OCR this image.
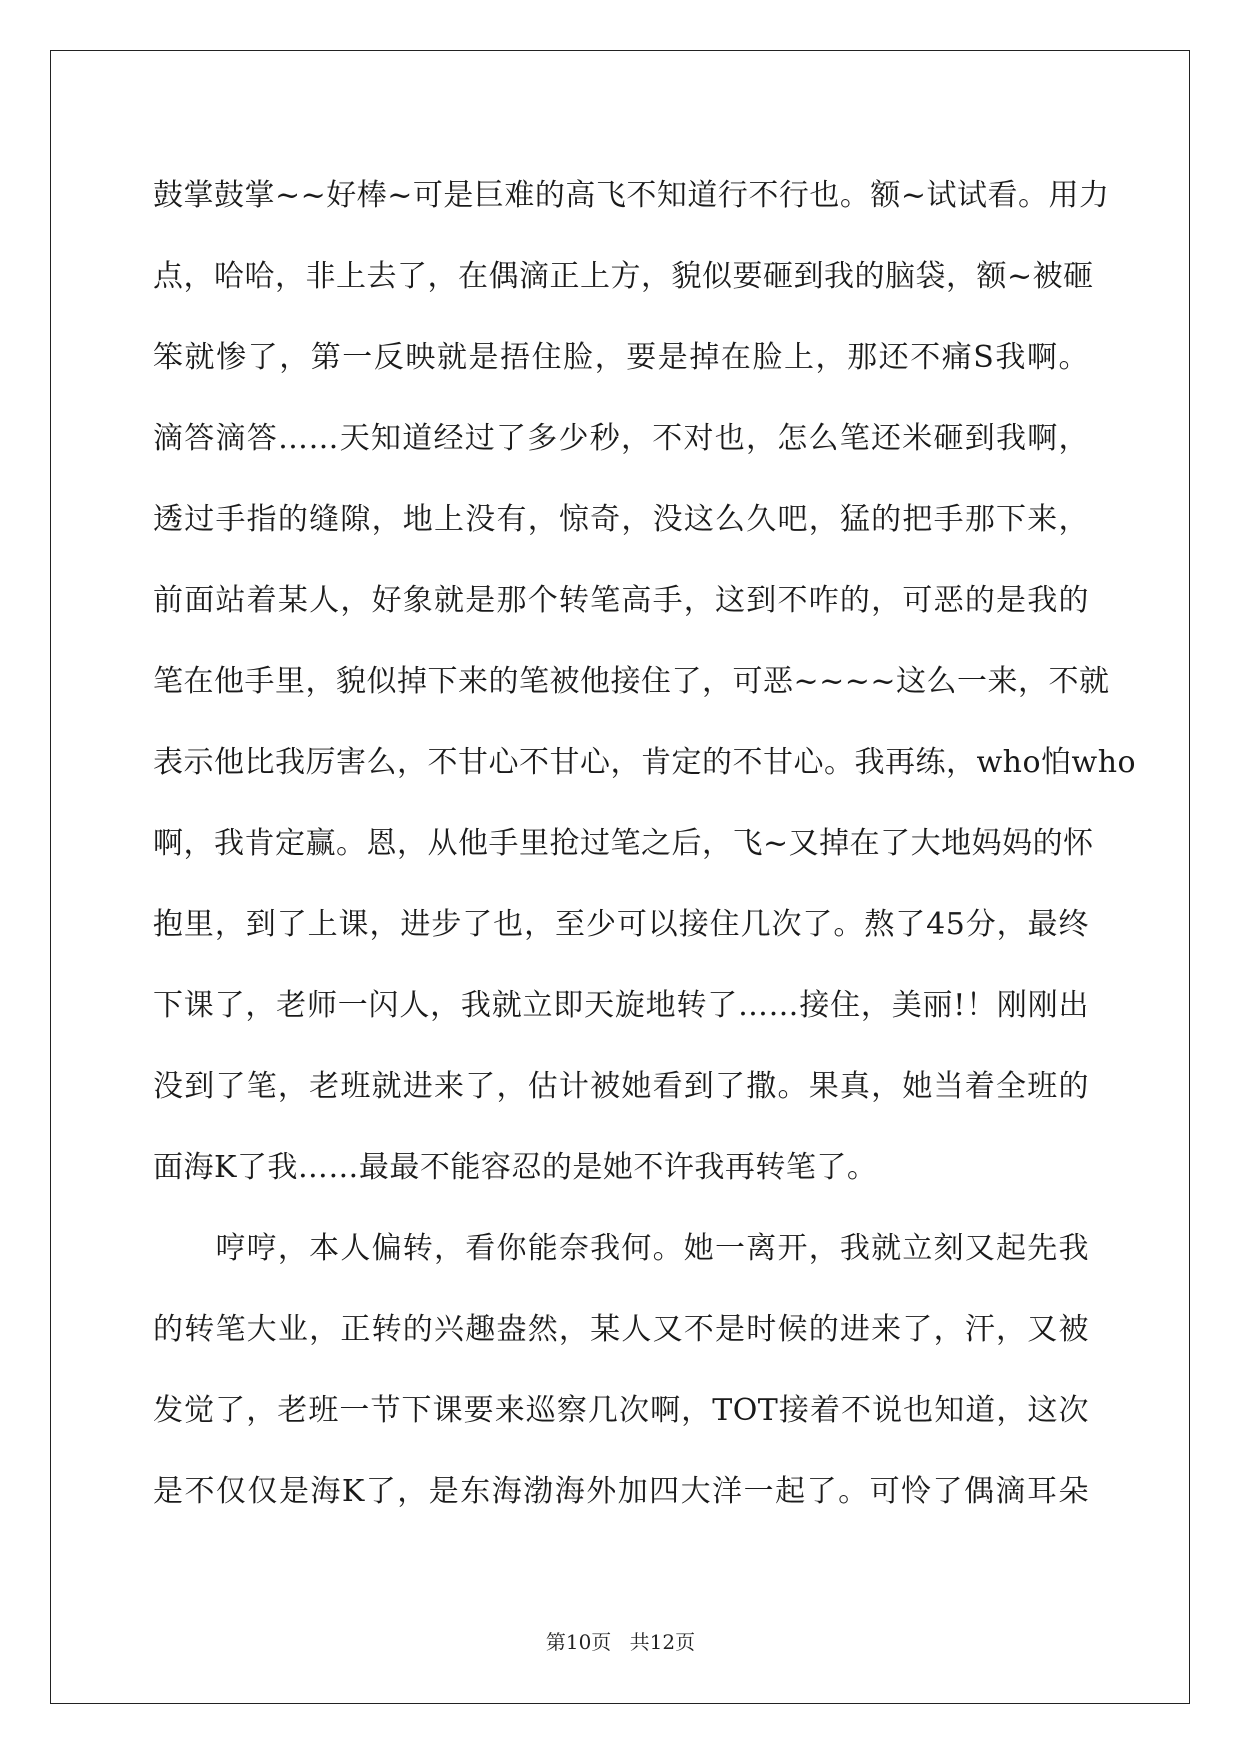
鼓掌鼓掌~~好棒~可是巨难的高飞不知道行不行也。额~试试看。用力
点，哈哈，非上去了，在偶滴正上方，貌似要砸到我的脑袋，额~被砸
笨就惨了，第一反映就是捂住脸，要是掉在脸上，那还不痛S我啊。
滴答滴答……天知道经过了多少秒，不对也，怎么笔还米砸到我啊，
透过手指的缝隙，地上没有，惊奇，没这么久吧，猛的把手那下来，
前面站着某人，好象就是那个转笔高手，这到不咋的，可恶的是我的
笔在他手里，貌似掉下来的笔被他接住了，可恶~~~~这么一来，不就
表示他比我厉害么，不甘心不甘心，肯定的不甘心。我再练，who怕who
啊，我肯定赢。恩，从他手里抢过笔之后，飞~又掉在了大地妈妈的怀
抱里，到了上课，进步了也，至少可以接住几次了。熬了45分，最终
下课了，老师一闪人，我就立即天旋地转了……接住，美丽!！刚刚出
没到了笔，老班就进来了，估计被她看到了撒。果真，她当着全班的
面海K了我……最最不能容忍的是她不许我再转笔了。
　　哼哼，本人偏转，看你能奈我何。她一离开，我就立刻又起先我
的转笔大业，正转的兴趣盎然，某人又不是时候的进来了，汗，又被
发觉了，老班一节下课要来巡察几次啊，TOT接着不说也知道，这次
是不仅仅是海K了，是东海渤海外加四大洋一起了。可怜了偶滴耳朵
第10页 共12页
